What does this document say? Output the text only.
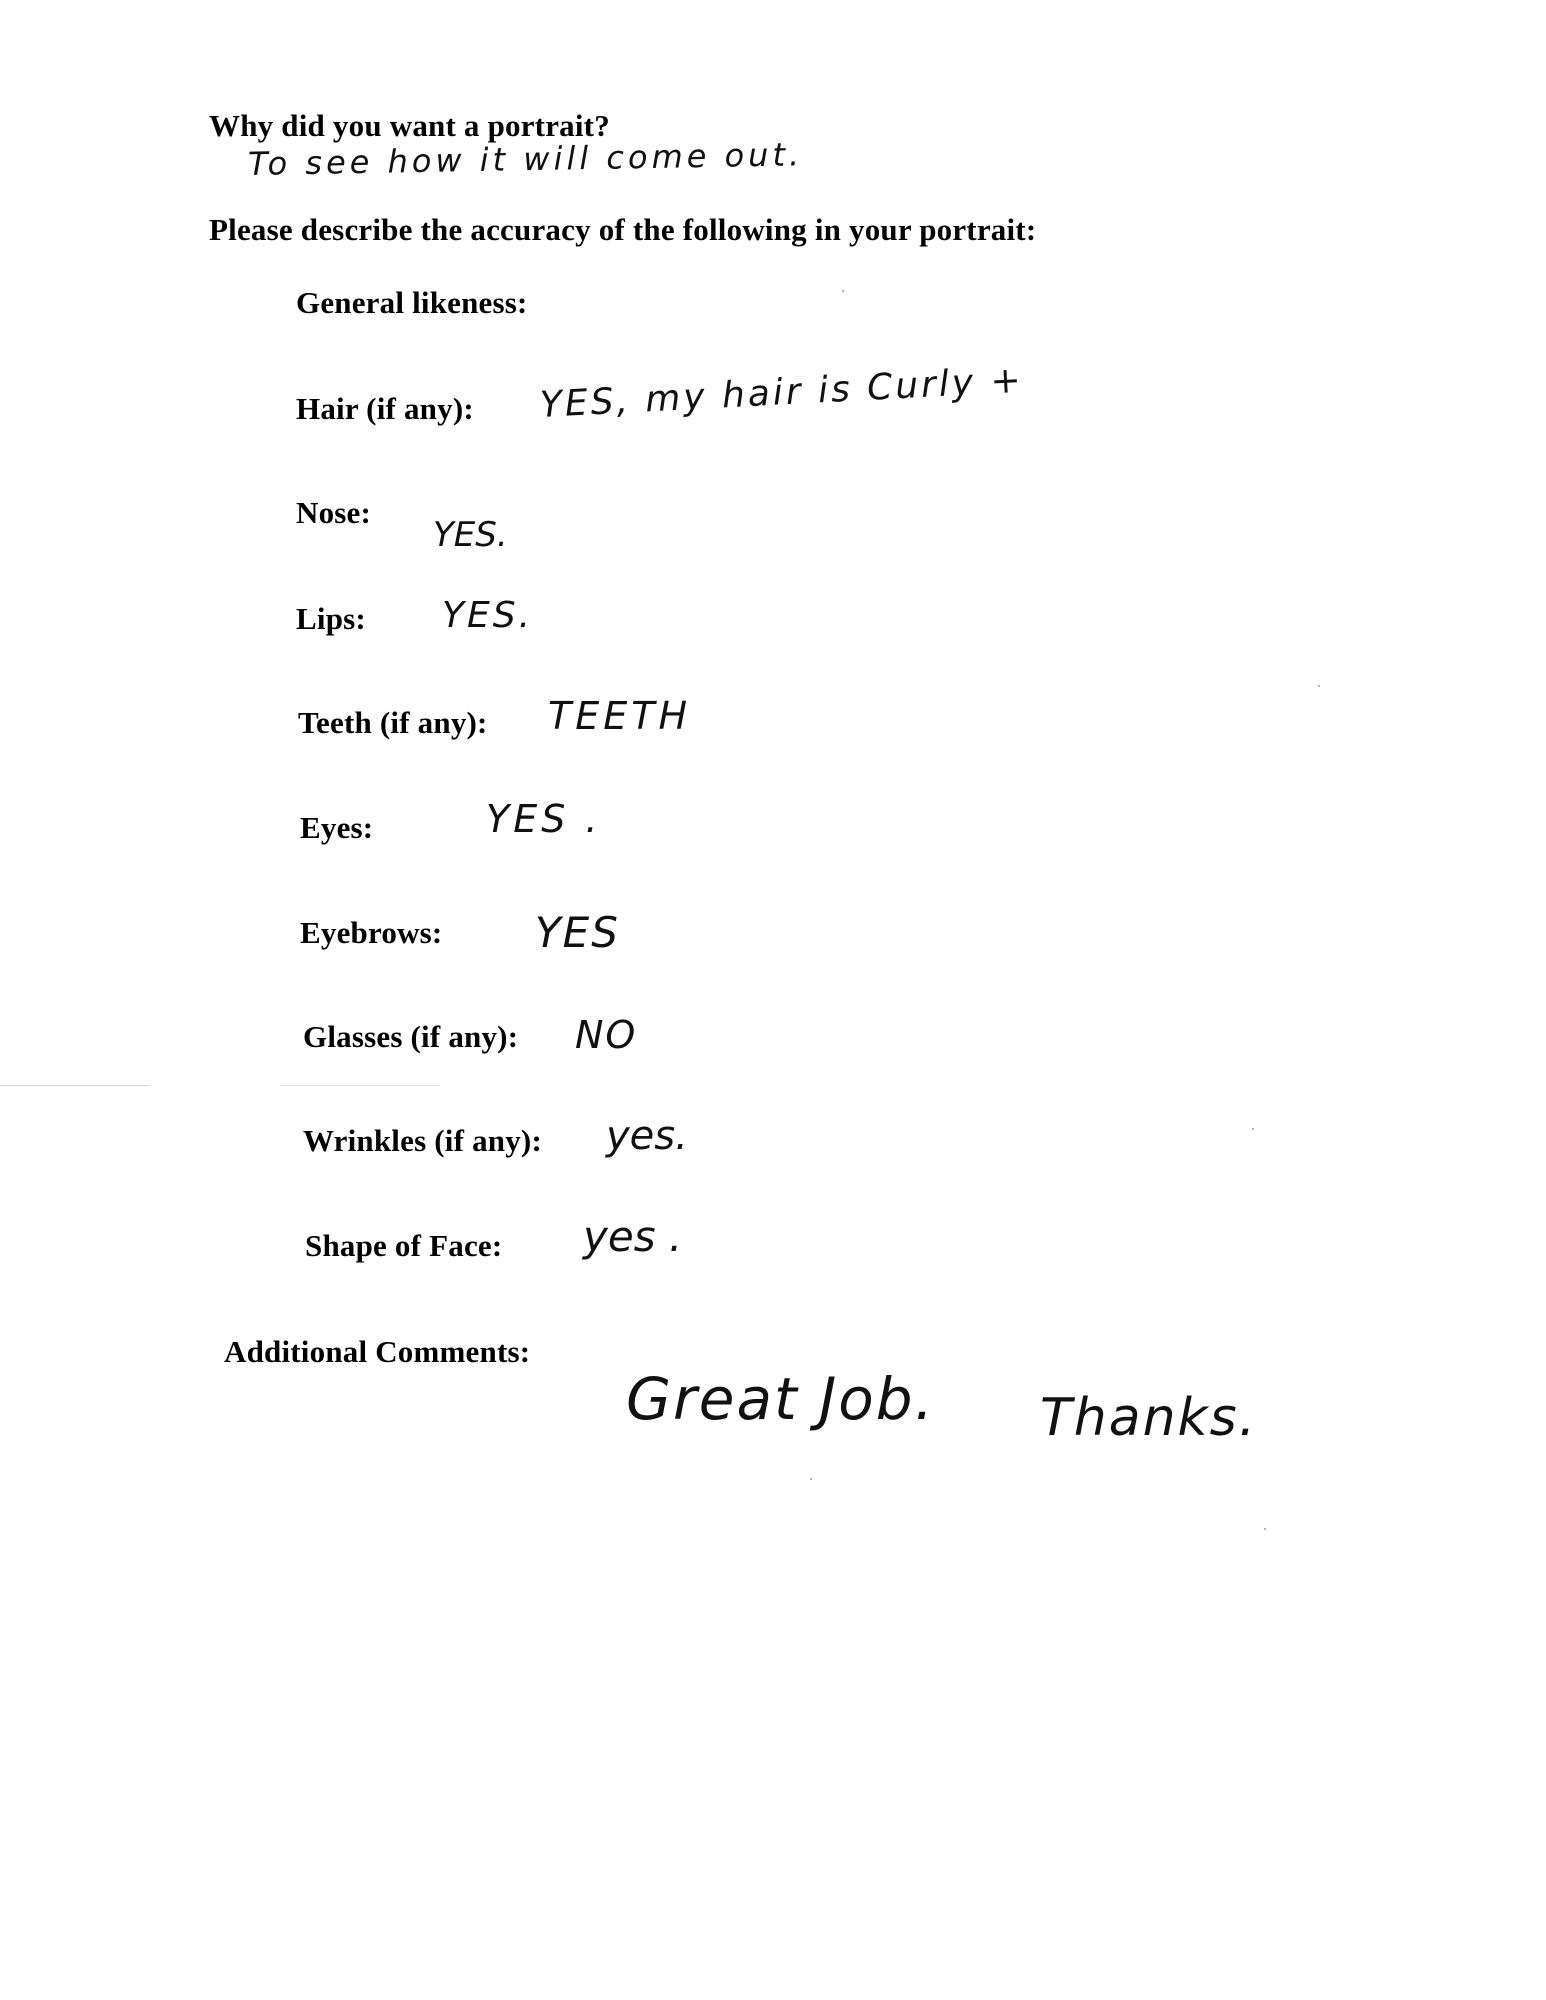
Why did you want a portrait?
To see how it will come out.
Please describe the accuracy of the following in your portrait:
General likeness:
Hair (if any): YES, my hair is Curly +
Nose:
YES.
Lips: YES.
Teeth (if any): TEETH
Eyes:	YES .
Eyebrows: YES
Glasses (if any): NO
Wrinkles (if any): yes.
Shape of Face: yes .
Additional Comments:
Great Job. Thanks.
